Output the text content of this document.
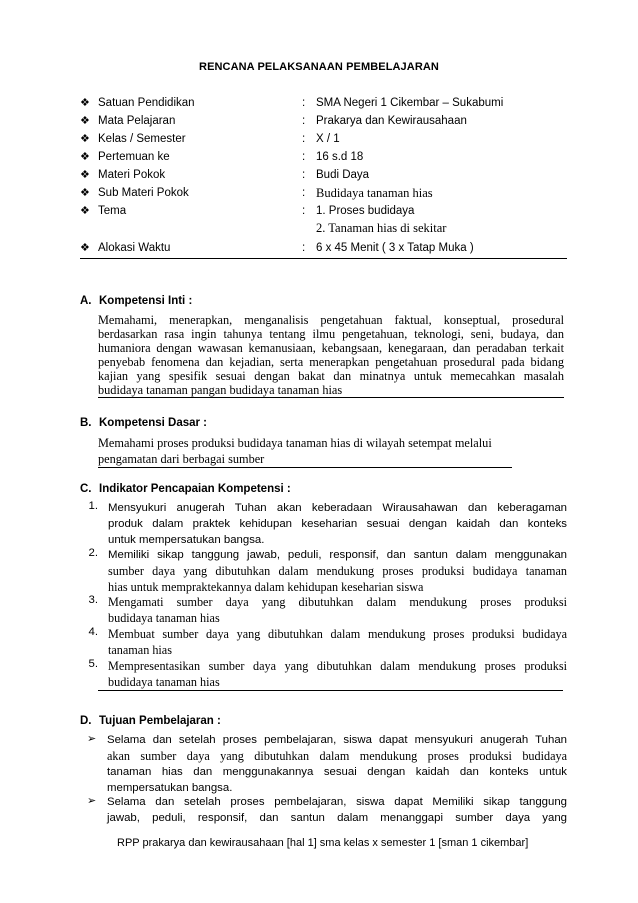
RENCANA PELAKSANAAN PEMBELAJARAN
❖ Satuan Pendidikan	: SMA Negeri 1 Cikembar – Sukabumi
❖ Mata Pelajaran	: Prakarya dan Kewirausahaan
❖ Kelas / Semester	: X / 1
❖ Pertemuan ke	: 16 s.d 18
❖ Materi Pokok	: Budi Daya
❖ Sub Materi Pokok	: Budidaya tanaman hias
❖ Tema	: 1. Proses budidaya
2. Tanaman hias di sekitar
❖ Alokasi Waktu	: 6 x 45 Menit ( 3 x Tatap Muka )
A. Kompetensi Inti :
Memahami, menerapkan, menganalisis pengetahuan faktual, konseptual, prosedural
berdasarkan rasa ingin tahunya tentang ilmu pengetahuan, teknologi, seni, budaya, dan
humaniora dengan wawasan kemanusiaan, kebangsaan, kenegaraan, dan peradaban terkait
penyebab fenomena dan kejadian, serta menerapkan pengetahuan prosedural pada bidang
kajian yang spesifik sesuai dengan bakat dan minatnya untuk memecahkan masalah
budidaya tanaman pangan budidaya tanaman hias
B. Kompetensi Dasar :
Memahami proses produksi budidaya tanaman hias di wilayah setempat melalui
pengamatan dari berbagai sumber
C. Indikator Pencapaian Kompetensi :
1. Mensyukuri anugerah Tuhan akan keberadaan Wirausahawan dan keberagaman
produk dalam praktek kehidupan keseharian sesuai dengan kaidah dan konteks
untuk mempersatukan bangsa.
2. Memiliki sikap tanggung jawab, peduli, responsif, dan santun dalam menggunakan
sumber daya yang dibutuhkan dalam mendukung proses produksi budidaya tanaman
hias untuk mempraktekannya dalam kehidupan keseharian siswa
3. Mengamati sumber daya yang dibutuhkan dalam mendukung proses produksi
budidaya tanaman hias
4. Membuat sumber daya yang dibutuhkan dalam mendukung proses produksi budidaya
tanaman hias
5. Mempresentasikan sumber daya yang dibutuhkan dalam mendukung proses produksi
budidaya tanaman hias
D. Tujuan Pembelajaran :
➢ Selama dan setelah proses pembelajaran, siswa dapat mensyukuri anugerah Tuhan
akan sumber daya yang dibutuhkan dalam mendukung proses produksi budidaya
tanaman hias dan menggunakannya sesuai dengan kaidah dan konteks untuk
mempersatukan bangsa.
➢ Selama dan setelah proses pembelajaran, siswa dapat Memiliki sikap tanggung
jawab, peduli, responsif, dan santun dalam menanggapi sumber daya yang
RPP prakarya dan kewirausahaan [hal 1] sma kelas x semester 1 [sman 1 cikembar]
